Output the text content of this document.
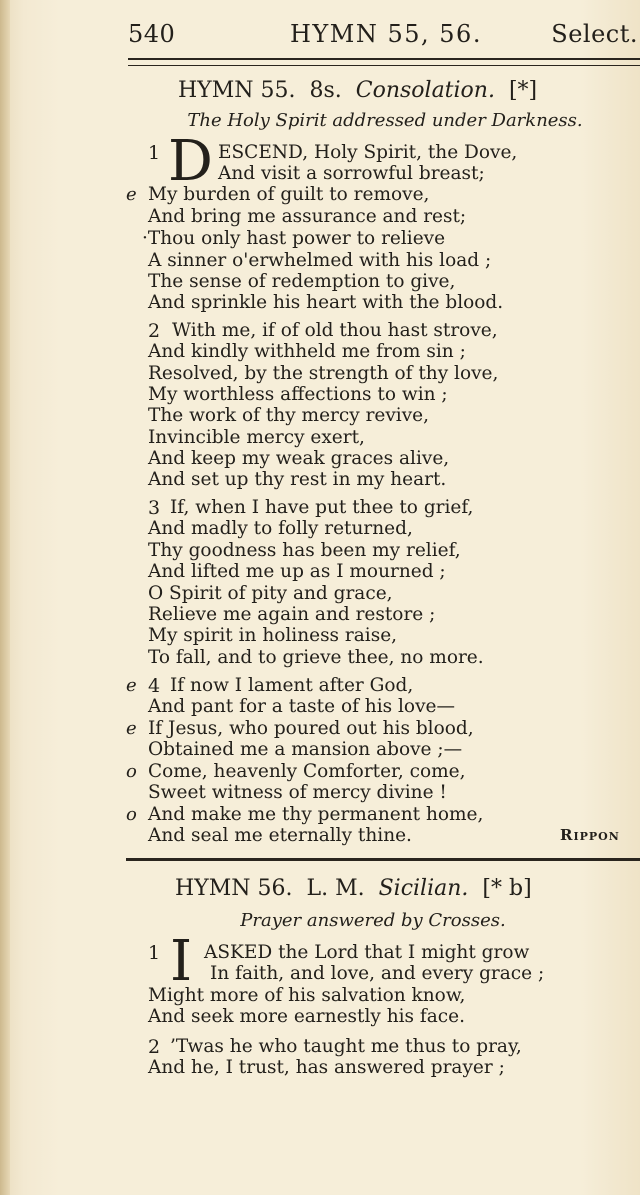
540	HYMN 55, 56.	Select.
HYMN 55. 8s. Consolation. [*]
The Holy Spirit addressed under Darkness.
1 D ESCEND, Holy Spirit, the Dove,
And visit a sorrowful breast;
e My burden of guilt to remove,
And bring me assurance and rest;
·Thou only hast power to relieve
A sinner o'erwhelmed with his load ;
The sense of redemption to give,
And sprinkle his heart with the blood.
2 With me, if of old thou hast strove,
And kindly withheld me from sin ;
Resolved, by the strength of thy love,
My worthless affections to win ;
The work of thy mercy revive,
Invincible mercy exert,
And keep my weak graces alive,
And set up thy rest in my heart.
3 If, when I have put thee to grief,
And madly to folly returned,
Thy goodness has been my relief,
And lifted me up as I mourned ;
O Spirit of pity and grace,
Relieve me again and restore ;
My spirit in holiness raise,
To fall, and to grieve thee, no more.
e 4 If now I lament after God,
And pant for a taste of his love—
e If Jesus, who poured out his blood,
Obtained me a mansion above ;—
o Come, heavenly Comforter, come,
Sweet witness of mercy divine !
o And make me thy permanent home,
And seal me eternally thine.	Rippon
HYMN 56. L. M. Sicilian. [* b]
Prayer answered by Crosses.
1 I ASKED the Lord that I might grow
In faith, and love, and every grace ;
Might more of his salvation know,
And seek more earnestly his face.
2 ’Twas he who taught me thus to pray,
And he, I trust, has answered prayer ;
